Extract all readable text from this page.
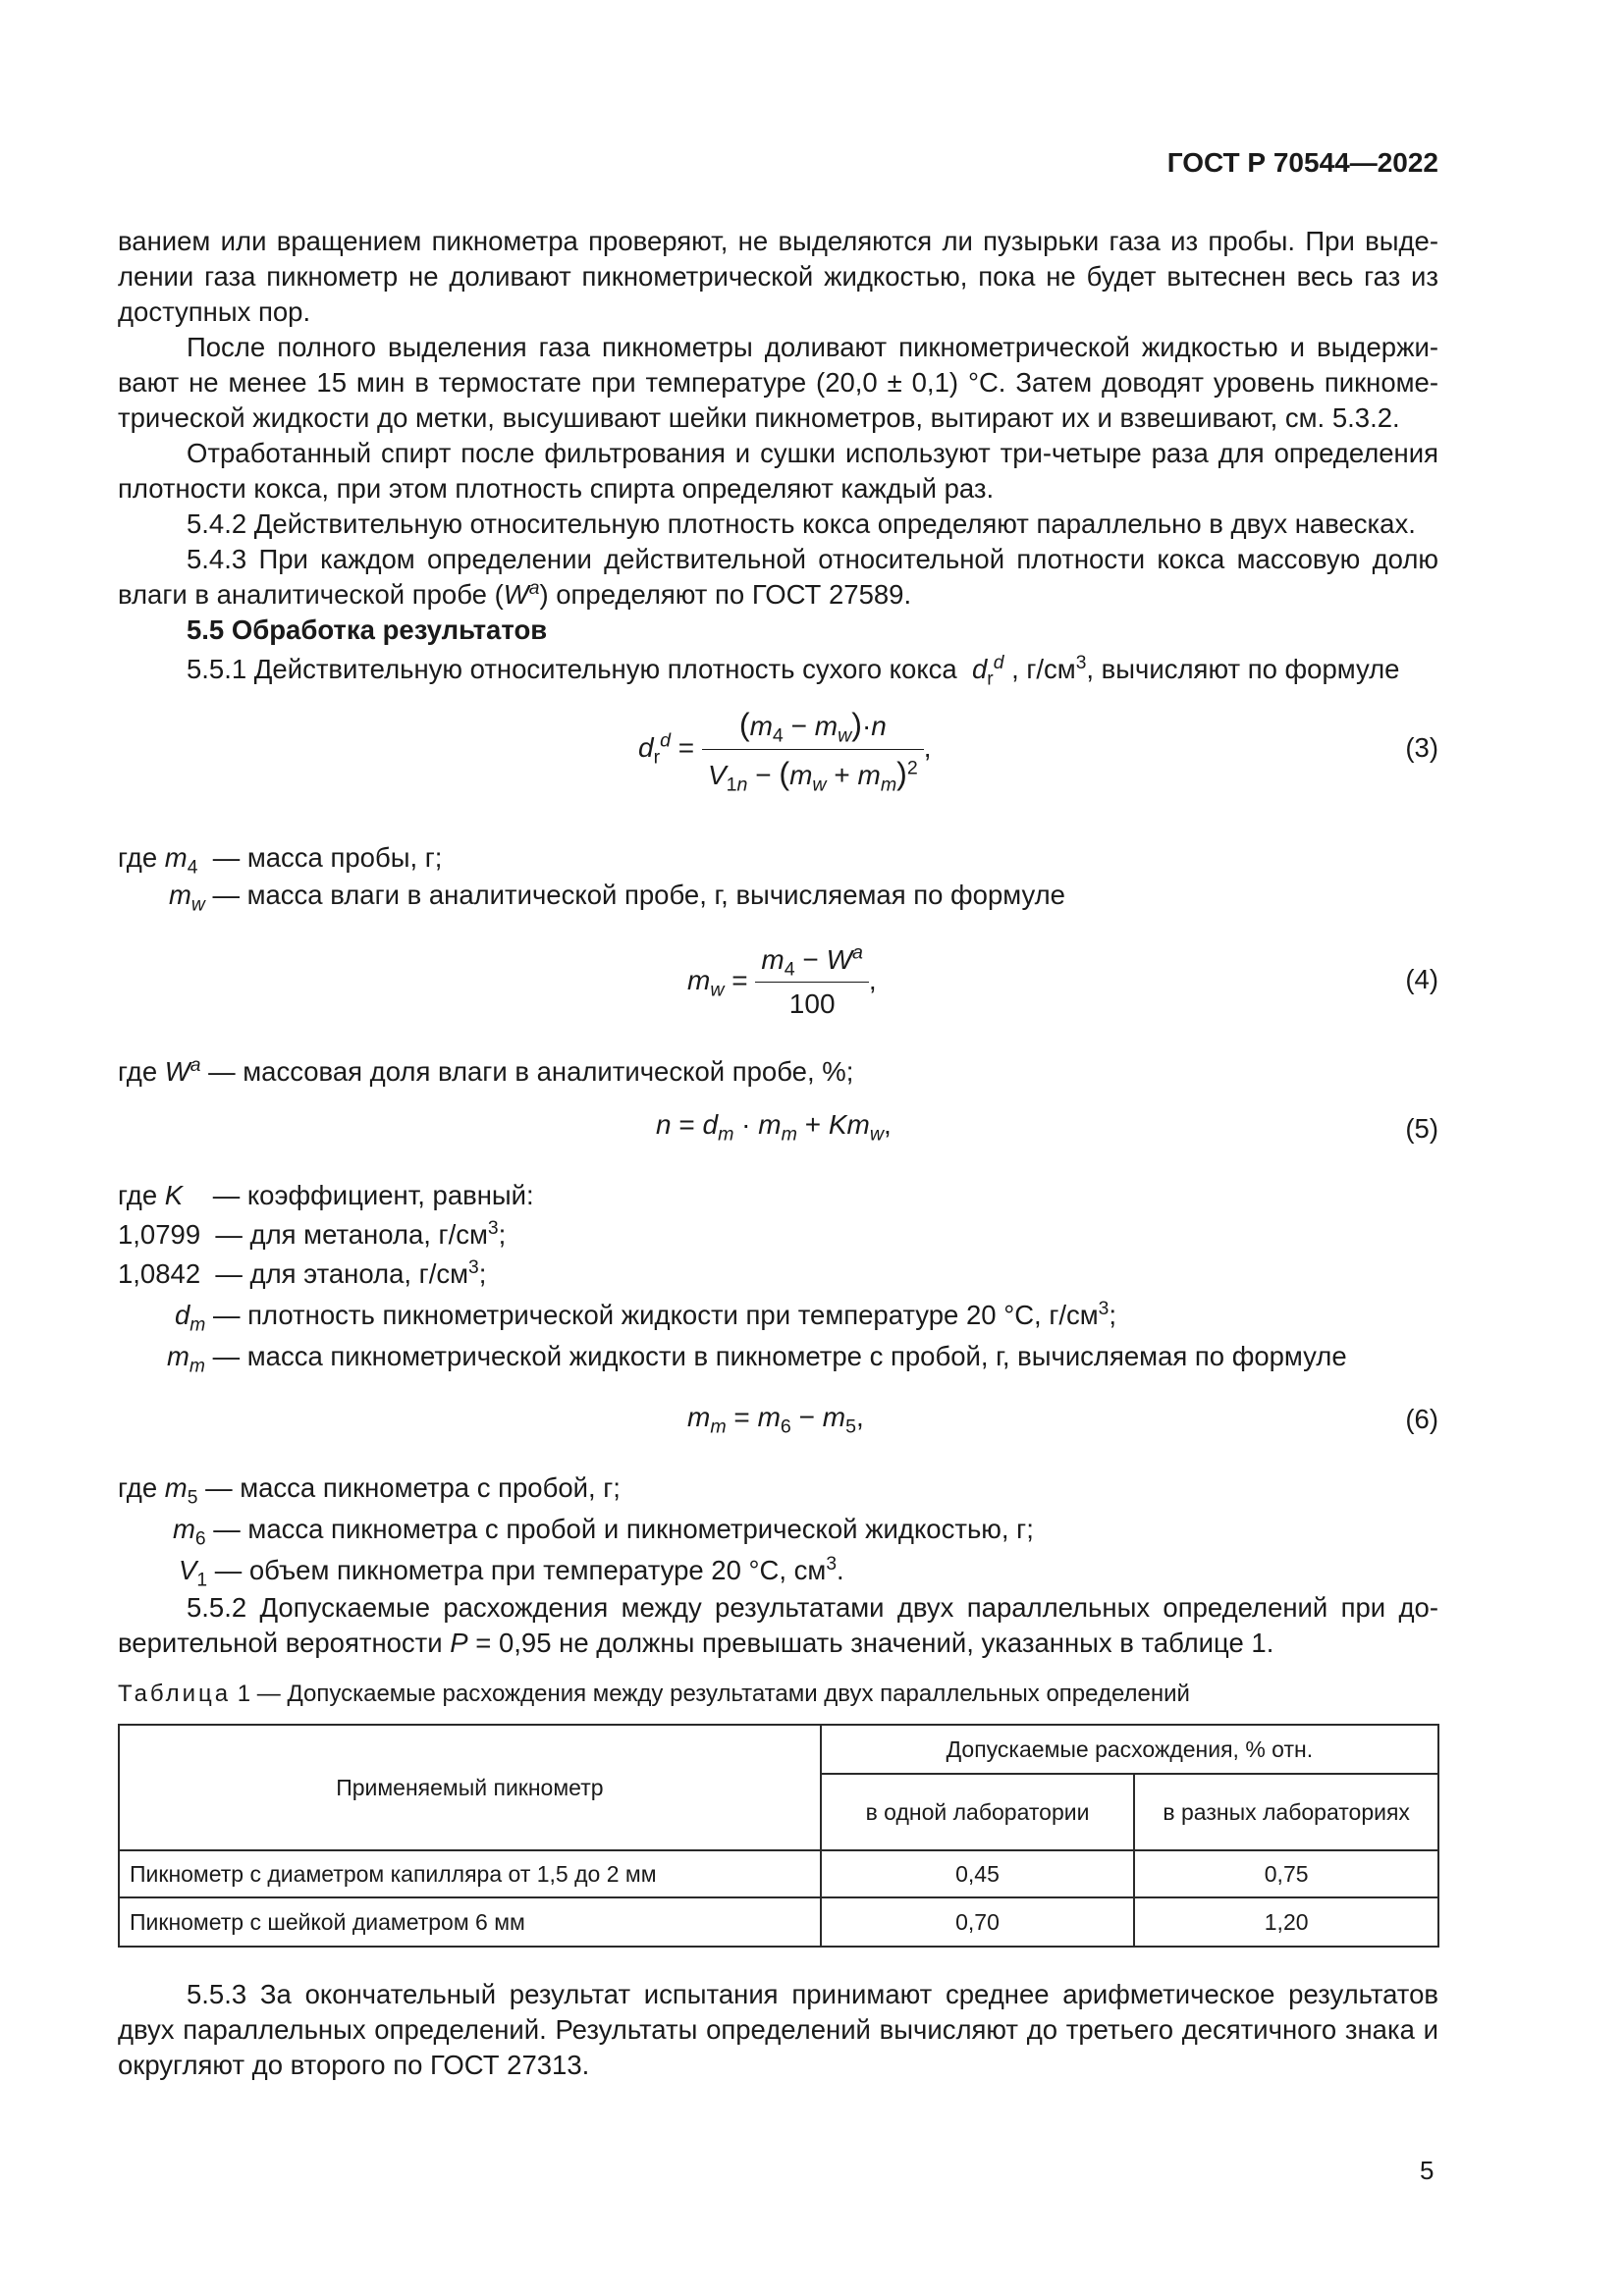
ГОСТ Р 70544—2022
ванием или вращением пикнометра проверяют, не выделяются ли пузырьки газа из пробы. При выде-
лении газа пикнометр не доливают пикнометрической жидкостью, пока не будет вытеснен весь газ из
доступных пор.
После полного выделения газа пикнометры доливают пикнометрической жидкостью и выдержи-
вают не менее 15 мин в термостате при температуре (20,0 ± 0,1) °С. Затем доводят уровень пикноме-
трической жидкости до метки, высушивают шейки пикнометров, вытирают их и взвешивают, см. 5.3.2.
Отработанный спирт после фильтрования и сушки используют три-четыре раза для определения
плотности кокса, при этом плотность спирта определяют каждый раз.
5.4.2 Действительную относительную плотность кокса определяют параллельно в двух навесках.
5.4.3 При каждом определении действительной относительной плотности кокса массовую долю
влаги в аналитической пробе $(W^a)$ определяют по ГОСТ 27589.
5.5 Обработка результатов
5.5.1 Действительную относительную плотность сухого кокса $d_r^d$ , $г/см^3$, вычисляют по формуле
$d_r^d = \frac{(m_4 - m_w)\cdot n}{V_{1n} - (m_w + m_m)^2}$ ,	(3)
где $m_4$ — масса пробы, г;
$m_w$ — масса влаги в аналитической пробе, г, вычисляемая по формуле
$m_w = \frac{m_4 - W^a}{100}$ ,	(4)
где $W^a$ — массовая доля влаги в аналитической пробе, %;
$n = d_m \cdot m_m + Km_w$,	(5)
где K — коэффициент, равный:
1,0799 — для метанола, $г/см^3$;
1,0842 — для этанола, $г/см^3$;
$d_m$ — плотность пикнометрической жидкости при температуре 20 °С, $г/см^3$;
$m_m$ — масса пикнометрической жидкости в пикнометре с пробой, г, вычисляемая по формуле
$m_m = m_6 - m_5$,	(6)
где $m_5$ — масса пикнометра с пробой, г;
$m_6$ — масса пикнометра с пробой и пикнометрической жидкостью, г;
$V_1$ — объем пикнометра при температуре 20 °С, $см^3$.
5.5.2 Допускаемые расхождения между результатами двух параллельных определений при до-
верительной вероятности P = 0,95 не должны превышать значений, указанных в таблице 1.
Таблица 1 — Допускаемые расхождения между результатами двух параллельных определений
Применяемый пикнометр	Допускаемые расхождения, % отн.	
	в одной лаборатории	в разных лабораториях
Пикнометр с диаметром капилляра от 1,5 до 2 мм	0,45	0,75
Пикнометр с шейкой диаметром 6 мм	0,70	1,20
5.5.3 За окончательный результат испытания принимают среднее арифметическое результатов
двух параллельных определений. Результаты определений вычисляют до третьего десятичного знака и
округляют до второго по ГОСТ 27313.
5
